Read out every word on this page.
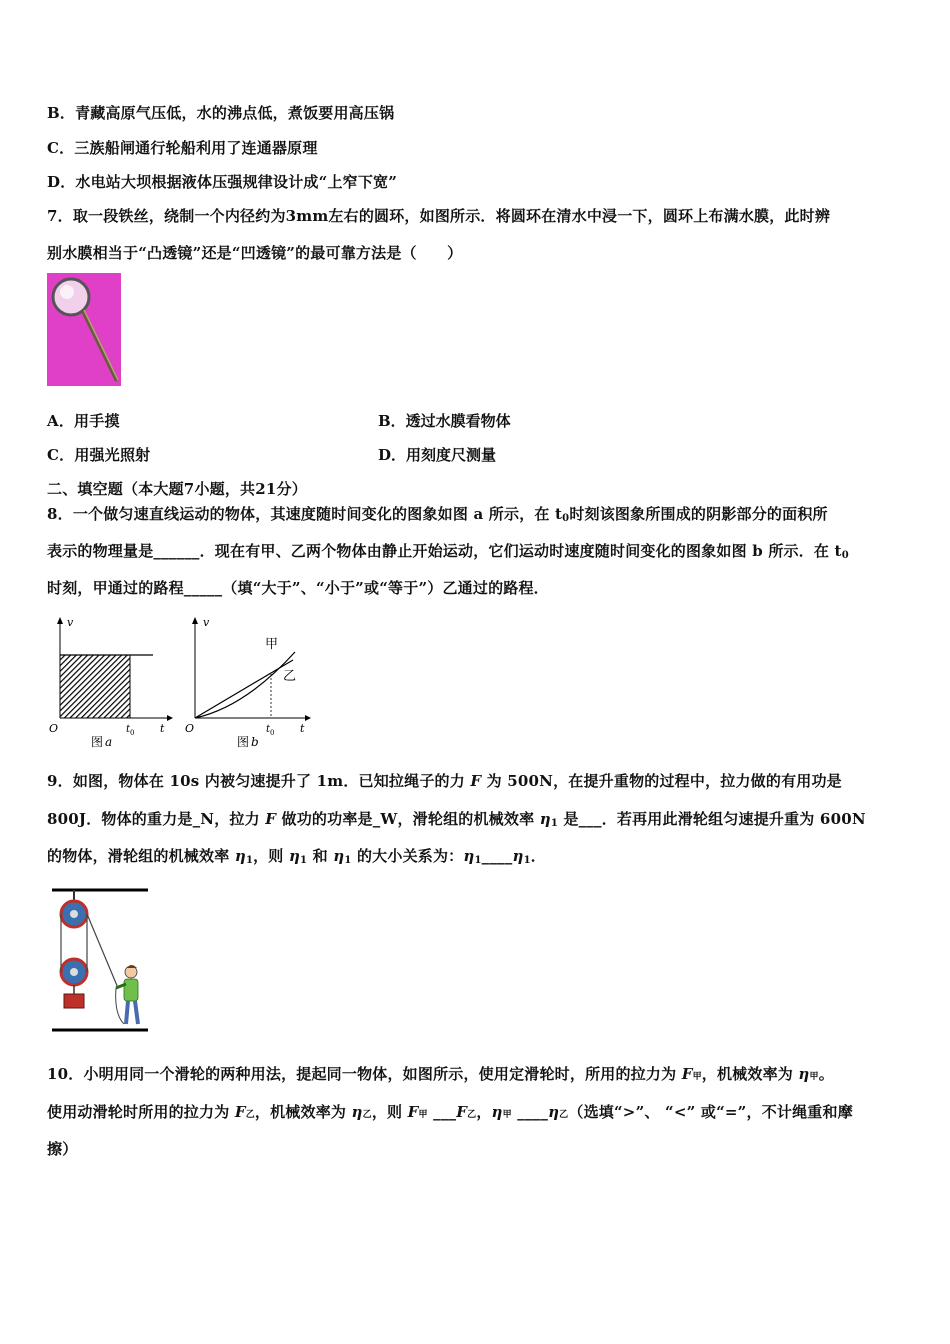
B．青藏高原气压低，水的沸点低，煮饭要用高压锅
C．三族船闸通行轮船利用了连通器原理
D．水电站大坝根据液体压强规律设计成“上窄下宽”
7．取一段铁丝，绕制一个内径约为3mm左右的圆环，如图所示．将圆环在清水中浸一下，圆环上布满水膜，此时辨
别水膜相当于“凸透镜”还是“凹透镜”的最可靠方法是（　　）
A．用手摸	B．透过水膜看物体
C．用强光照射	D．用刻度尺测量
二、填空题（本大题7小题，共21分）
8．一个做匀速直线运动的物体，其速度随时间变化的图象如图 a 所示，在 $t_0$时刻该图象所围成的阴影部分的面积所
表示的物理量是______．现在有甲、乙两个物体由静止开始运动，它们运动时速度随时间变化的图象如图 b 所示．在 $t_0$
时刻，甲通过的路程_____（填“大于”、“小于”或“等于”）乙通过的路程．
v
t
O	t 0
图 a
v
t
O	t 0
甲
乙
图 b
9．如图，物体在 10s 内被匀速提升了 1m．已知拉绳子的力 F 为 500N，在提升重物的过程中，拉力做的有用功是
800J．物体的重力是_N，拉力 F 做功的功率是_W，滑轮组的机械效率 $\eta_1$ 是___．若再用此滑轮组匀速提升重为 600N
的物体，滑轮组的机械效率 $\eta_1$，则 $\eta_1$ 和 $\eta_1$ 的大小关系为：$\eta_1\_\_\_\_\eta_1$．
10．小明用同一个滑轮的两种用法，提起同一物体，如图所示，使用定滑轮时，所用的拉力为 F甲，机械效率为 η甲。
使用动滑轮时所用的拉力为 F乙，机械效率为 η乙，则 F甲 ___F乙，η甲 ____η乙（选填“>”、 “<” 或“=”，不计绳重和摩
擦）
